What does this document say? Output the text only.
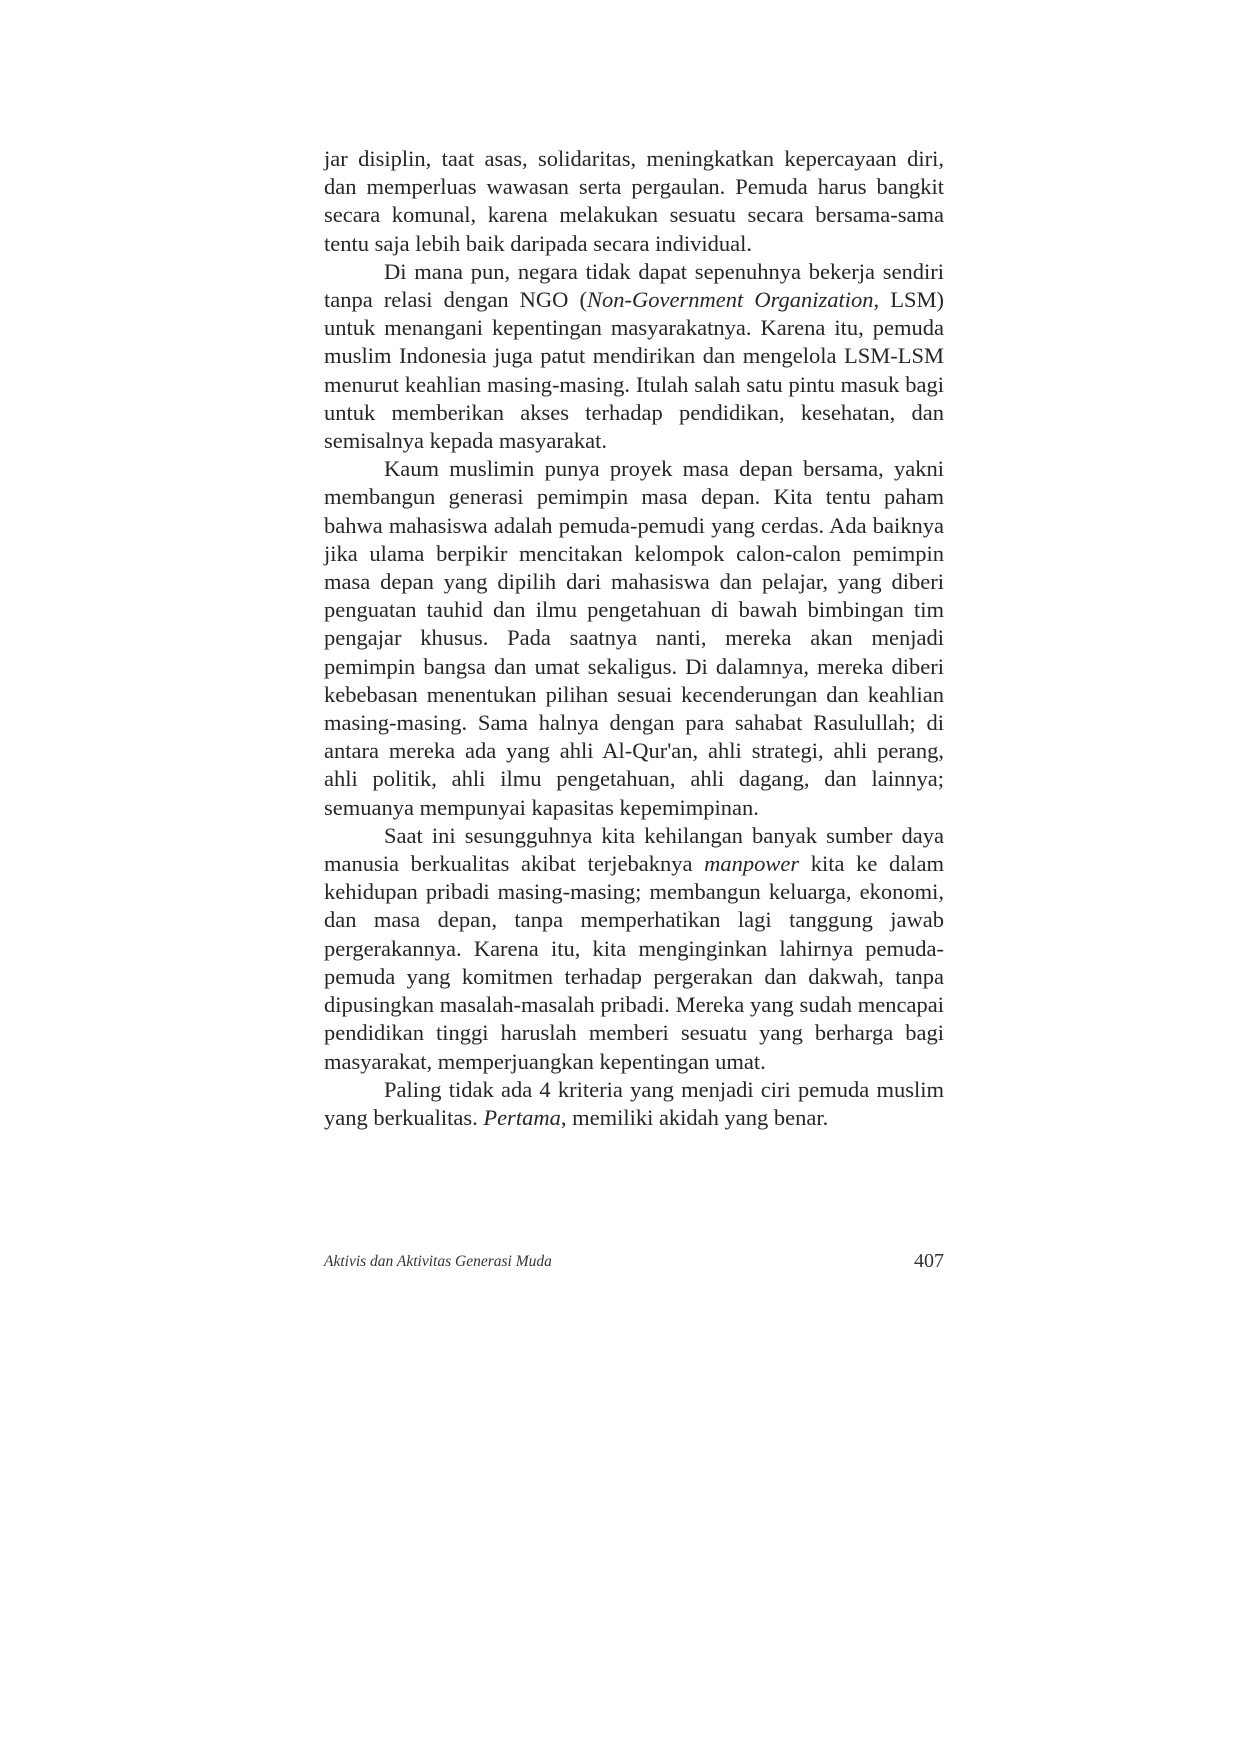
jar disiplin, taat asas, solidaritas, meningkatkan kepercayaan diri, dan memperluas wawasan serta pergaulan. Pemuda harus bangkit secara komunal, karena melakukan sesuatu secara bersama-sama tentu saja lebih baik daripada secara individual.

Di mana pun, negara tidak dapat sepenuhnya bekerja sendiri tanpa relasi dengan NGO (Non-Government Organization, LSM) untuk menangani kepentingan masyarakatnya. Karena itu, pemuda muslim Indonesia juga patut mendirikan dan mengelola LSM-LSM menurut keahlian masing-masing. Itulah salah satu pintu masuk bagi untuk memberikan akses terhadap pendidikan, kesehatan, dan semisalnya kepada masyarakat.

Kaum muslimin punya proyek masa depan bersama, yakni membangun generasi pemimpin masa depan. Kita tentu paham bahwa mahasiswa adalah pemuda-pemudi yang cerdas. Ada baiknya jika ulama berpikir mencitakan kelompok calon-calon pemimpin masa depan yang dipilih dari mahasiswa dan pelajar, yang diberi penguatan tauhid dan ilmu pengetahuan di bawah bimbingan tim pengajar khusus. Pada saatnya nanti, mereka akan menjadi pemimpin bangsa dan umat sekaligus. Di dalamnya, mereka diberi kebebasan menentukan pilihan sesuai kecenderungan dan keahlian masing-masing. Sama halnya dengan para sahabat Rasulullah; di antara mereka ada yang ahli Al-Qur'an, ahli strategi, ahli perang, ahli politik, ahli ilmu pengetahuan, ahli dagang, dan lainnya; semuanya mempunyai kapasitas kepemimpinan.

Saat ini sesungguhnya kita kehilangan banyak sumber daya manusia berkualitas akibat terjebaknya manpower kita ke dalam kehidupan pribadi masing-masing; membangun keluarga, ekonomi, dan masa depan, tanpa memperhatikan lagi tanggung jawab pergerakannya. Karena itu, kita menginginkan lahirnya pemuda-pemuda yang komitmen terhadap pergerakan dan dakwah, tanpa dipusingkan masalah-masalah pribadi. Mereka yang sudah mencapai pendidikan tinggi haruslah memberi sesuatu yang berharga bagi masyarakat, memperjuangkan kepentingan umat.

Paling tidak ada 4 kriteria yang menjadi ciri pemuda muslim yang berkualitas. Pertama, memiliki akidah yang benar.

Aktivis dan Aktivitas Generasi Muda	407
